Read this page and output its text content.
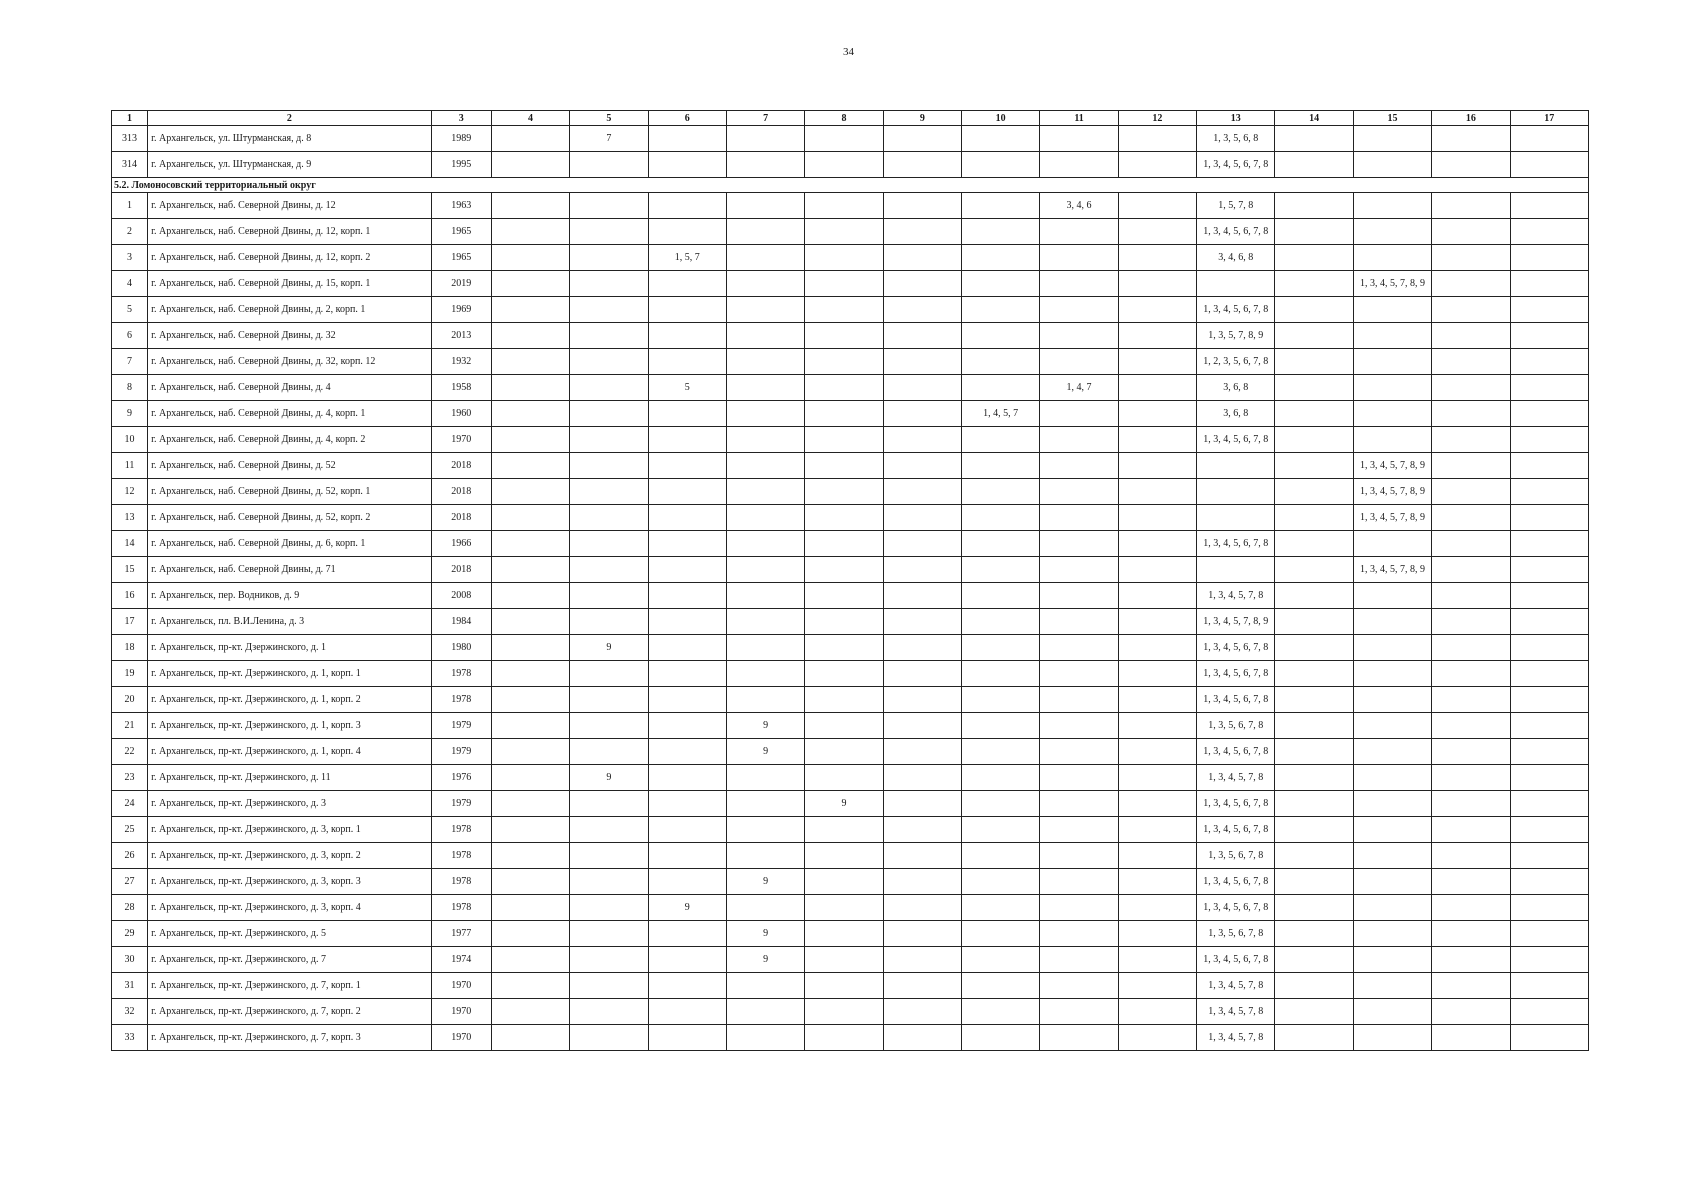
34
1	2	3	4	5	6	7	8	9	10	11	12	13	14	15	16	17
313	г. Архангельск, ул. Штурманская, д. 8	1989		7								1, 3, 5, 6, 8				
314	г. Архангельск, ул. Штурманская, д. 9	1995										1, 3, 4, 5, 6, 7, 8				
5.2. Ломоносовский территориальный округ																
1	г. Архангельск, наб. Северной Двины, д. 12	1963								3, 4, 6		1, 5, 7, 8				
2	г. Архангельск, наб. Северной Двины, д. 12, корп. 1	1965										1, 3, 4, 5, 6, 7, 8				
3	г. Архангельск, наб. Северной Двины, д. 12, корп. 2	1965			1, 5, 7							3, 4, 6, 8				
4	г. Архангельск, наб. Северной Двины, д. 15, корп. 1	2019												1, 3, 4, 5, 7, 8, 9		
5	г. Архангельск, наб. Северной Двины, д. 2, корп. 1	1969										1, 3, 4, 5, 6, 7, 8				
6	г. Архангельск, наб. Северной Двины, д. 32	2013										1, 3, 5, 7, 8, 9				
7	г. Архангельск, наб. Северной Двины, д. 32, корп. 12	1932										1, 2, 3, 5, 6, 7, 8				
8	г. Архангельск, наб. Северной Двины, д. 4	1958			5					1, 4, 7		3, 6, 8				
9	г. Архангельск, наб. Северной Двины, д. 4, корп. 1	1960							1, 4, 5, 7			3, 6, 8				
10	г. Архангельск, наб. Северной Двины, д. 4, корп. 2	1970										1, 3, 4, 5, 6, 7, 8				
11	г. Архангельск, наб. Северной Двины, д. 52	2018												1, 3, 4, 5, 7, 8, 9		
12	г. Архангельск, наб. Северной Двины, д. 52, корп. 1	2018												1, 3, 4, 5, 7, 8, 9		
13	г. Архангельск, наб. Северной Двины, д. 52, корп. 2	2018												1, 3, 4, 5, 7, 8, 9		
14	г. Архангельск, наб. Северной Двины, д. 6, корп. 1	1966										1, 3, 4, 5, 6, 7, 8				
15	г. Архангельск, наб. Северной Двины, д. 71	2018												1, 3, 4, 5, 7, 8, 9		
16	г. Архангельск, пер. Водников, д. 9	2008										1, 3, 4, 5, 7, 8				
17	г. Архангельск, пл. В.И.Ленина, д. 3	1984										1, 3, 4, 5, 7, 8, 9				
18	г. Архангельск, пр-кт. Дзержинского, д. 1	1980		9								1, 3, 4, 5, 6, 7, 8				
19	г. Архангельск, пр-кт. Дзержинского, д. 1, корп. 1	1978										1, 3, 4, 5, 6, 7, 8				
20	г. Архангельск, пр-кт. Дзержинского, д. 1, корп. 2	1978										1, 3, 4, 5, 6, 7, 8				
21	г. Архангельск, пр-кт. Дзержинского, д. 1, корп. 3	1979				9						1, 3, 5, 6, 7, 8				
22	г. Архангельск, пр-кт. Дзержинского, д. 1, корп. 4	1979				9						1, 3, 4, 5, 6, 7, 8				
23	г. Архангельск, пр-кт. Дзержинского, д. 11	1976		9								1, 3, 4, 5, 7, 8				
24	г. Архангельск, пр-кт. Дзержинского, д. 3	1979					9					1, 3, 4, 5, 6, 7, 8				
25	г. Архангельск, пр-кт. Дзержинского, д. 3, корп. 1	1978										1, 3, 4, 5, 6, 7, 8				
26	г. Архангельск, пр-кт. Дзержинского, д. 3, корп. 2	1978										1, 3, 5, 6, 7, 8				
27	г. Архангельск, пр-кт. Дзержинского, д. 3, корп. 3	1978				9						1, 3, 4, 5, 6, 7, 8				
28	г. Архангельск, пр-кт. Дзержинского, д. 3, корп. 4	1978			9							1, 3, 4, 5, 6, 7, 8				
29	г. Архангельск, пр-кт. Дзержинского, д. 5	1977				9						1, 3, 5, 6, 7, 8				
30	г. Архангельск, пр-кт. Дзержинского, д. 7	1974				9						1, 3, 4, 5, 6, 7, 8				
31	г. Архангельск, пр-кт. Дзержинского, д. 7, корп. 1	1970										1, 3, 4, 5, 7, 8				
32	г. Архангельск, пр-кт. Дзержинского, д. 7, корп. 2	1970										1, 3, 4, 5, 7, 8				
33	г. Архангельск, пр-кт. Дзержинского, д. 7, корп. 3	1970										1, 3, 4, 5, 7, 8				
